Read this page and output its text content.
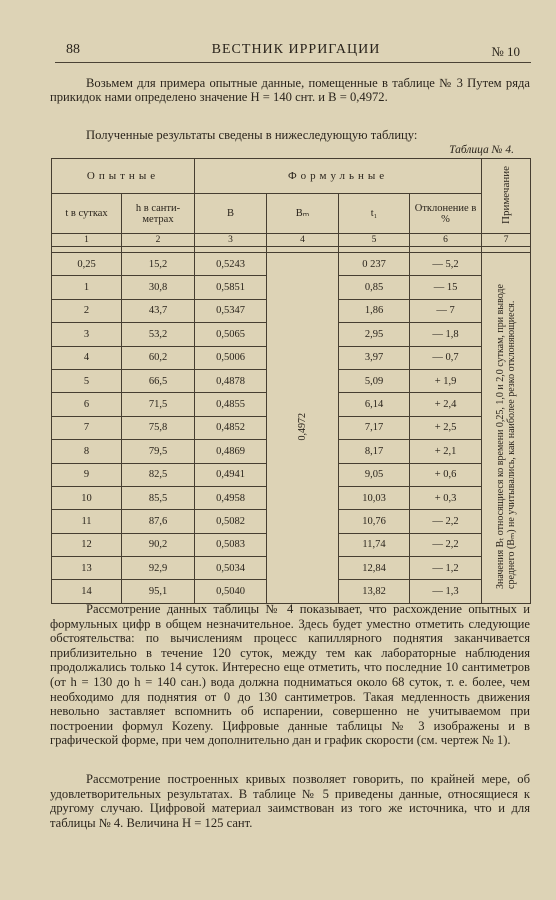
88	ВЕСТНИК ИРРИГАЦИИ	№ 10
Возьмем для примера опытные данные, помещенные в таблице № 3 Путем ряда прикидок нами определено значение H = 140 снт. и B = 0,4972.
Полученные результаты сведены в нижеследующую таблицу:
Таблица № 4.
Опытные		Формульные				Примечание
t в сутках	h в санти-метрах	B	Bₘ	t₁	Отклонение в %	
1	2	3	4	5	6	7

0,25	15,2	0,5243	0,4972	0 237	— 5,2	Значения Bₜ относящиеся ко времени 0,25, 1,0 и 2,0 суткам, при выводе среднего (Bₘ) не учитывались, как наиболее резко отклоняющиеся.
1	30,8	0,5851		0,85	— 15	
2	43,7	0,5347		1,86	— 7	
3	53,2	0,5065		2,95	— 1,8	
4	60,2	0,5006		3,97	— 0,7	
5	66,5	0,4878		5,09	+ 1,9	
6	71,5	0,4855		6,14	+ 2,4	
7	75,8	0,4852		7,17	+ 2,5	
8	79,5	0,4869		8,17	+ 2,1	
9	82,5	0,4941		9,05	+ 0,6	
10	85,5	0,4958		10,03	+ 0,3	
11	87,6	0,5082		10,76	— 2,2	
12	90,2	0,5083		11,74	— 2,2	
13	92,9	0,5034		12,84	— 1,2	
14	95,1	0,5040		13,82	— 1,3	
Рассмотрение данных таблицы № 4 показывает, что расхождение опытных и формульных цифр в общем незначительное. Здесь будет уместно отметить следующие обстоятельства: по вычислениям процесс капиллярного поднятия заканчивается приблизительно в течение 120 суток, между тем как лабораторные наблюдения продолжались только 14 суток. Интересно еще отметить, что последние 10 сантиметров (от h = 130 до h = 140 сан.) вода должна подниматься около 68 суток, т. е. более, чем необходимо для поднятия от 0 до 130 сантиметров. Такая медленность движения невольно заставляет вспомнить об испарении, совершенно не учитываемом при построении формул Kozeny. Цифровые данные таблицы № 3 изображены и в графической форме, при чем дополнительно дан и график скорости (см. чертеж № 1).
Рассмотрение построенных кривых позволяет говорить, по крайней мере, об удовлетворительных результатах. В таблице № 5 приведены данные, относящиеся к другому случаю. Цифровой материал заимствован из того же источника, что и для таблицы № 4. Величина H = 125 сант.
